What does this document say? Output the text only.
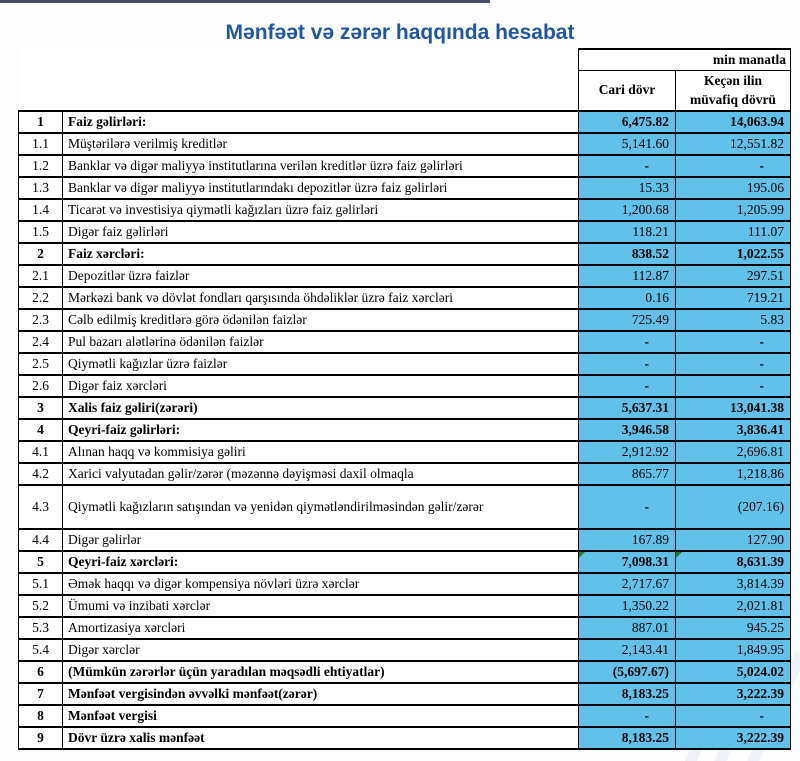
Mənfəət və zərər haqqında hesabat
		min manatla	
		Cari dövr	Keçən ilin müvafiq dövrü
1	Faiz gəlirləri:	6,475.82	14,063.94
1.1	Müştərilərə verilmiş kreditlər	5,141.60	12,551.82
1.2	Banklar və digər maliyyə institutlarına verilən kreditlər üzrə faiz gəlirləri	-	-
1.3	Banklar və digər maliyyə institutlarındakı depozitlər üzrə faiz gəlirləri	15.33	195.06
1.4	Ticarət və investisiya qiymətli kağızları üzrə faiz gəlirləri	1,200.68	1,205.99
1.5	Digər faiz gəlirləri	118.21	111.07
2	Faiz xərcləri:	838.52	1,022.55
2.1	Depozitlər üzrə faizlər	112.87	297.51
2.2	Mərkəzi bank və dövlət fondları qarşısında öhdəliklər üzrə faiz xərcləri	0.16	719.21
2.3	Cəlb edilmiş kreditlərə görə ödənilən faizlər	725.49	5.83
2.4	Pul bazarı alətlərinə ödənilən faizlər	-	-
2.5	Qiymətli kağızlar üzrə faizlər	-	-
2.6	Digər faiz xərcləri	-	-
3	Xalis faiz gəliri(zərəri)	5,637.31	13,041.38
4	Qeyri-faiz gəlirləri:	3,946.58	3,836.41
4.1	Alınan haqq və kommisiya gəliri	2,912.92	2,696.81
4.2	Xarici valyutadan gəlir/zərər (məzənnə dəyişməsi daxil olmaqla	865.77	1,218.86
4.3	Qiymətli kağızların satışından və yenidən qiymətləndirilməsindən gəlir/zərər	-	(207.16)
4.4	Digər gəlirlər	167.89	127.90
5	Qeyri-faiz xərcləri:	7,098.31	8,631.39
5.1	Əmək haqqı və digər kompensiya növləri üzrə xərclər	2,717.67	3,814.39
5.2	Ümumi və inzibati xərclər	1,350.22	2,021.81
5.3	Amortizasiya xərcləri	887.01	945.25
5.4	Digər xərclər	2,143.41	1,849.95
6	(Mümkün zərərlər üçün yaradılan məqsədli ehtiyatlar)	(5,697.67)	5,024.02
7	Mənfəət vergisindən əvvəlki mənfəət(zərər)	8,183.25	3,222.39
8	Mənfəət vergisi	-	-
9	Dövr üzrə xalis mənfəət	8,183.25	3,222.39
